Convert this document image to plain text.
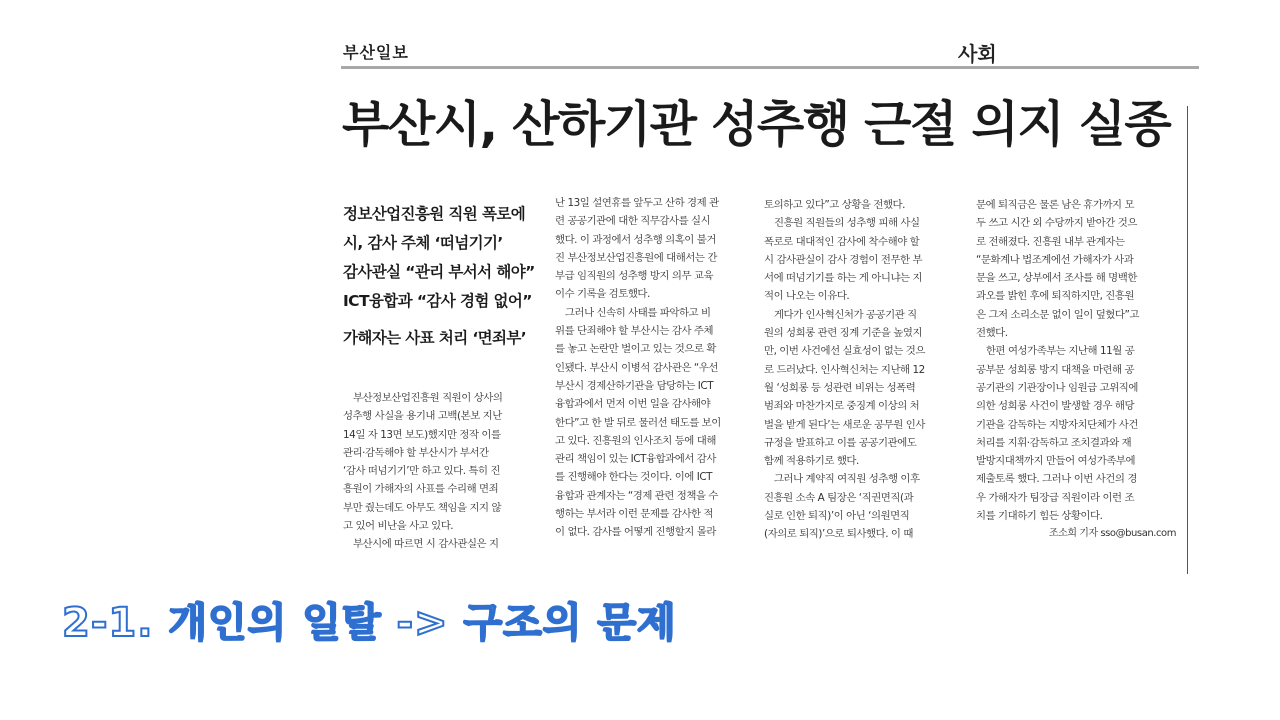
부산일보	사회
부산시, 산하기관 성추행 근절 의지 실종
정보산업진흥원 직원 폭로에
시, 감사 주체 ‘떠넘기기’
감사관실 “관리 부서서 해야”
ICT융합과 “감사 경험 없어”
가해자는 사표 처리 ‘면죄부’
　부산정보산업진흥원 직원이 상사의
성추행 사실을 용기내 고백(본보 지난
14일 자 13면 보도)했지만 정작 이를
관리·감독해야 할 부산시가 부서간
‘감사 떠넘기기’만 하고 있다. 특히 진
흥원이 가해자의 사표를 수리해 면죄
부만 줬는데도 아무도 책임을 지지 않
고 있어 비난을 사고 있다.
　부산시에 따르면 시 감사관실은 지
난 13일 설연휴를 앞두고 산하 경제 관
련 공공기관에 대한 직무감사를 실시
했다. 이 과정에서 성추행 의혹이 불거
진 부산정보산업진흥원에 대해서는 간
부급 임직원의 성추행 방지 의무 교육
이수 기록을 검토했다.
　그러나 신속히 사태를 파악하고 비
위를 단죄해야 할 부산시는 감사 주체
를 놓고 논란만 벌이고 있는 것으로 확
인됐다. 부산시 이병석 감사관은 “우선
부산시 경제산하기관을 담당하는 ICT
융합과에서 먼저 이번 일을 감사해야
한다”고 한 발 뒤로 물러선 태도를 보이
고 있다. 진흥원의 인사조치 등에 대해
관리 책임이 있는 ICT융합과에서 감사
를 진행해야 한다는 것이다. 이에 ICT
융합과 관계자는 “경제 관련 정책을 수
행하는 부서라 이런 문제를 감사한 적
이 없다. 감사를 어떻게 진행할지 몰라
토의하고 있다”고 상황을 전했다.
　진흥원 직원들의 성추행 피해 사실
폭로로 대대적인 감사에 착수해야 할
시 감사관실이 감사 경험이 전무한 부
서에 떠넘기기를 하는 게 아니냐는 지
적이 나오는 이유다.
　게다가 인사혁신처가 공공기관 직
원의 성희롱 관련 징계 기준을 높였지
만, 이번 사건에선 실효성이 없는 것으
로 드러났다. 인사혁신처는 지난해 12
월 ‘성희롱 등 성관련 비위는 성폭력
범죄와 마찬가지로 중징계 이상의 처
벌을 받게 된다’는 새로운 공무원 인사
규정을 발표하고 이를 공공기관에도
함께 적용하기로 했다.
　그러나 계약직 여직원 성추행 이후
진흥원 소속 A 팀장은 ‘직권면직(과
실로 인한 퇴직)’이 아닌 ‘의원면직
(자의로 퇴직)’으로 퇴사했다. 이 때
문에 퇴직금은 물론 남은 휴가까지 모
두 쓰고 시간 외 수당까지 받아간 것으
로 전해졌다. 진흥원 내부 관계자는
“문화계나 법조계에선 가해자가 사과
문을 쓰고, 상부에서 조사를 해 명백한
과오를 밝힌 후에 퇴직하지만, 진흥원
은 그저 소리소문 없이 일이 덮혔다”고
전했다.
　한편 여성가족부는 지난해 11월 공
공부문 성희롱 방지 대책을 마련해 공
공기관의 기관장이나 임원급 고위직에
의한 성희롱 사건이 발생할 경우 해당
기관을 감독하는 지방자치단체가 사건
처리를 지휘·감독하고 조치결과와 재
발방지대책까지 만들어 여성가족부에
제출토록 했다. 그러나 이번 사건의 경
우 가해자가 팀장급 직원이라 이런 조
치를 기대하기 힘든 상황이다.
조소희 기자 sso@busan.com
2-1. 개인의 일탈 -> 구조의 문제
